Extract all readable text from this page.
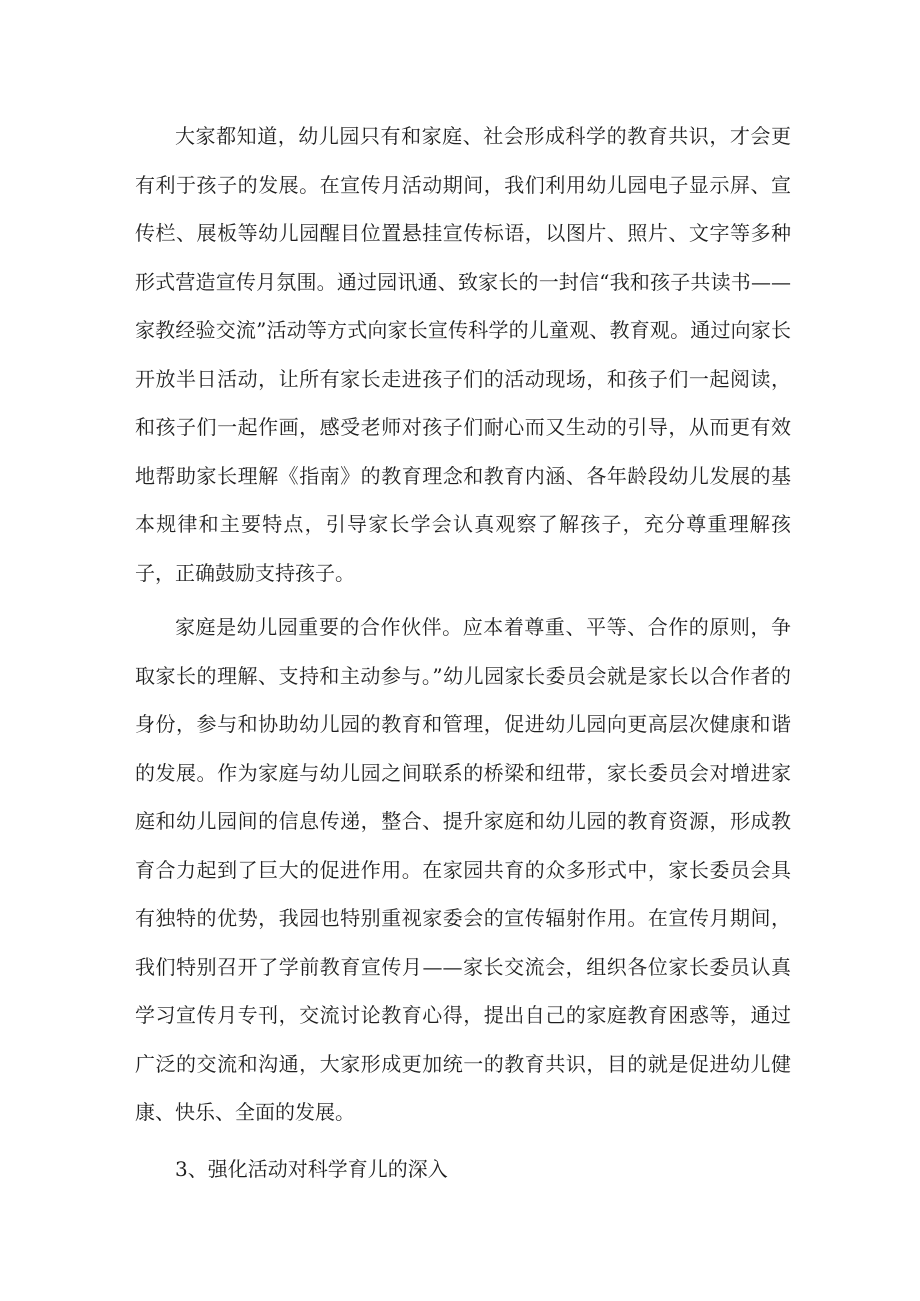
大家都知道，幼儿园只有和家庭、社会形成科学的教育共识，才会更有利于孩子的发展。在宣传月活动期间，我们利用幼儿园电子显示屏、宣传栏、展板等幼儿园醒目位置悬挂宣传标语，以图片、照片、文字等多种形式营造宣传月氛围。通过园讯通、致家长的一封信“我和孩子共读书——家教经验交流”活动等方式向家长宣传科学的儿童观、教育观。通过向家长开放半日活动，让所有家长走进孩子们的活动现场，和孩子们一起阅读，和孩子们一起作画，感受老师对孩子们耐心而又生动的引导，从而更有效地帮助家长理解《指南》的教育理念和教育内涵、各年龄段幼儿发展的基本规律和主要特点，引导家长学会认真观察了解孩子，充分尊重理解孩子，正确鼓励支持孩子。

家庭是幼儿园重要的合作伙伴。应本着尊重、平等、合作的原则，争取家长的理解、支持和主动参与。”幼儿园家长委员会就是家长以合作者的身份，参与和协助幼儿园的教育和管理，促进幼儿园向更高层次健康和谐的发展。作为家庭与幼儿园之间联系的桥梁和纽带，家长委员会对增进家庭和幼儿园间的信息传递，整合、提升家庭和幼儿园的教育资源，形成教育合力起到了巨大的促进作用。在家园共育的众多形式中，家长委员会具有独特的优势，我园也特别重视家委会的宣传辐射作用。在宣传月期间，我们特别召开了学前教育宣传月——家长交流会，组织各位家长委员认真学习宣传月专刊，交流讨论教育心得，提出自己的家庭教育困惑等，通过广泛的交流和沟通，大家形成更加统一的教育共识，目的就是促进幼儿健康、快乐、全面的发展。

3、强化活动对科学育儿的深入
